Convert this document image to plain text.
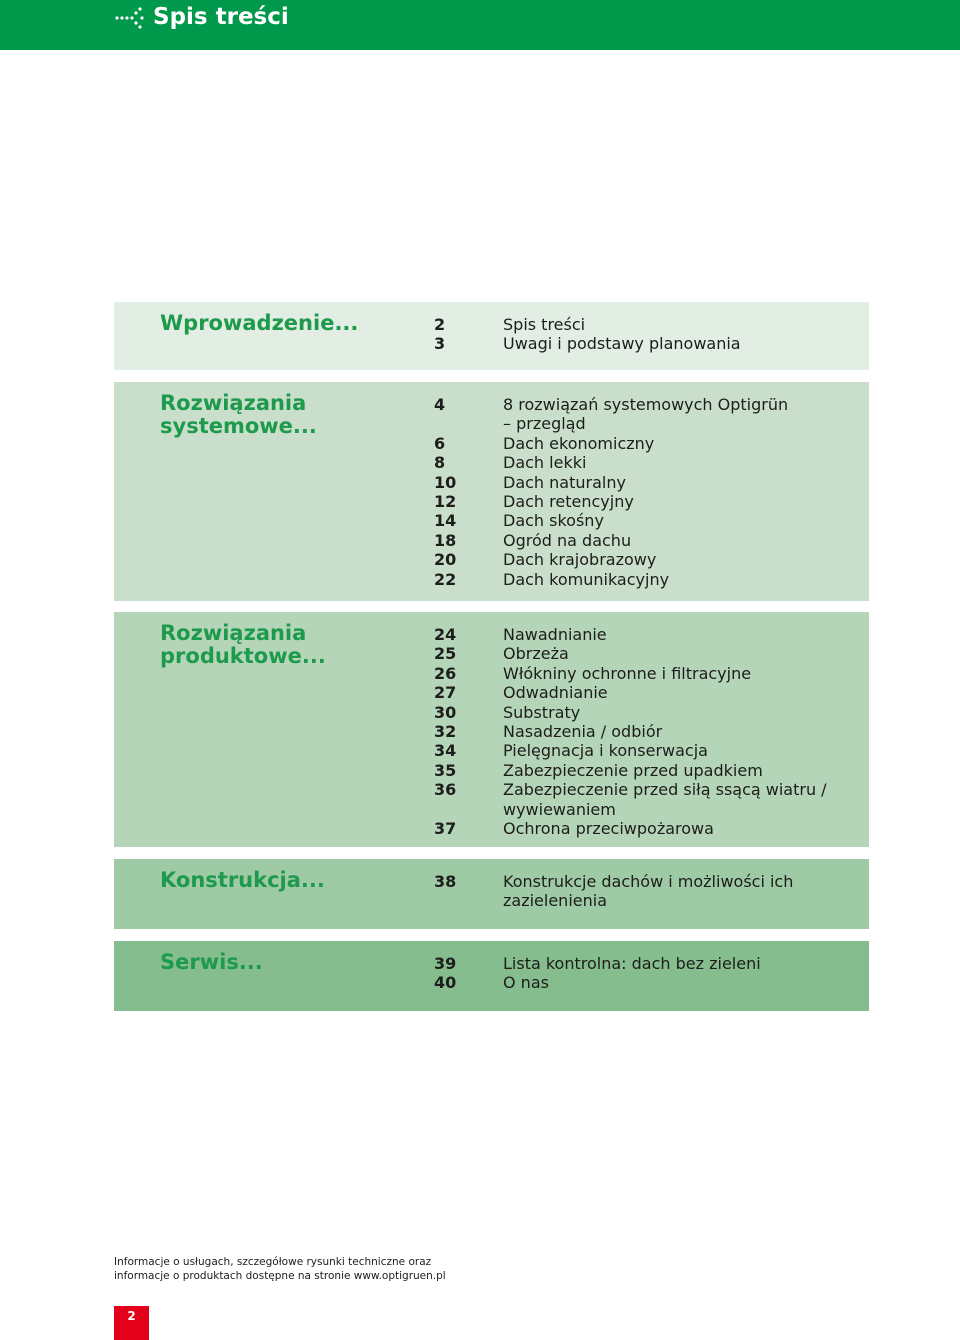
Spis treści
Wprowadzenie...	2	Spis treści
3	Uwagi i podstawy planowania
Rozwiązania
systemowe...
4	8 rozwiązań systemowych Optigrün
– przegląd
6	Dach ekonomiczny
8	Dach lekki
10	Dach naturalny
12	Dach retencyjny
14	Dach skośny
18	Ogród na dachu
20	Dach krajobrazowy
22	Dach komunikacyjny
Rozwiązania
produktowe...
24	Nawadnianie
25	Obrzeża
26	Włókniny ochronne i filtracyjne
27	Odwadnianie
30	Substraty
32	Nasadzenia / odbiór
34	Pielęgnacja i konserwacja
35	Zabezpieczenie przed upadkiem
36	Zabezpieczenie przed siłą ssącą wiatru /
wywiewaniem
37	Ochrona przeciwpożarowa
Konstrukcja...	38	Konstrukcje dachów i możliwości ich
zazielenienia
Serwis...	39	Lista kontrolna: dach bez zieleni
40	O nas
Informacje o usługach, szczegółowe rysunki techniczne oraz
informacje o produktach dostępne na stronie www.optigruen.pl
2
